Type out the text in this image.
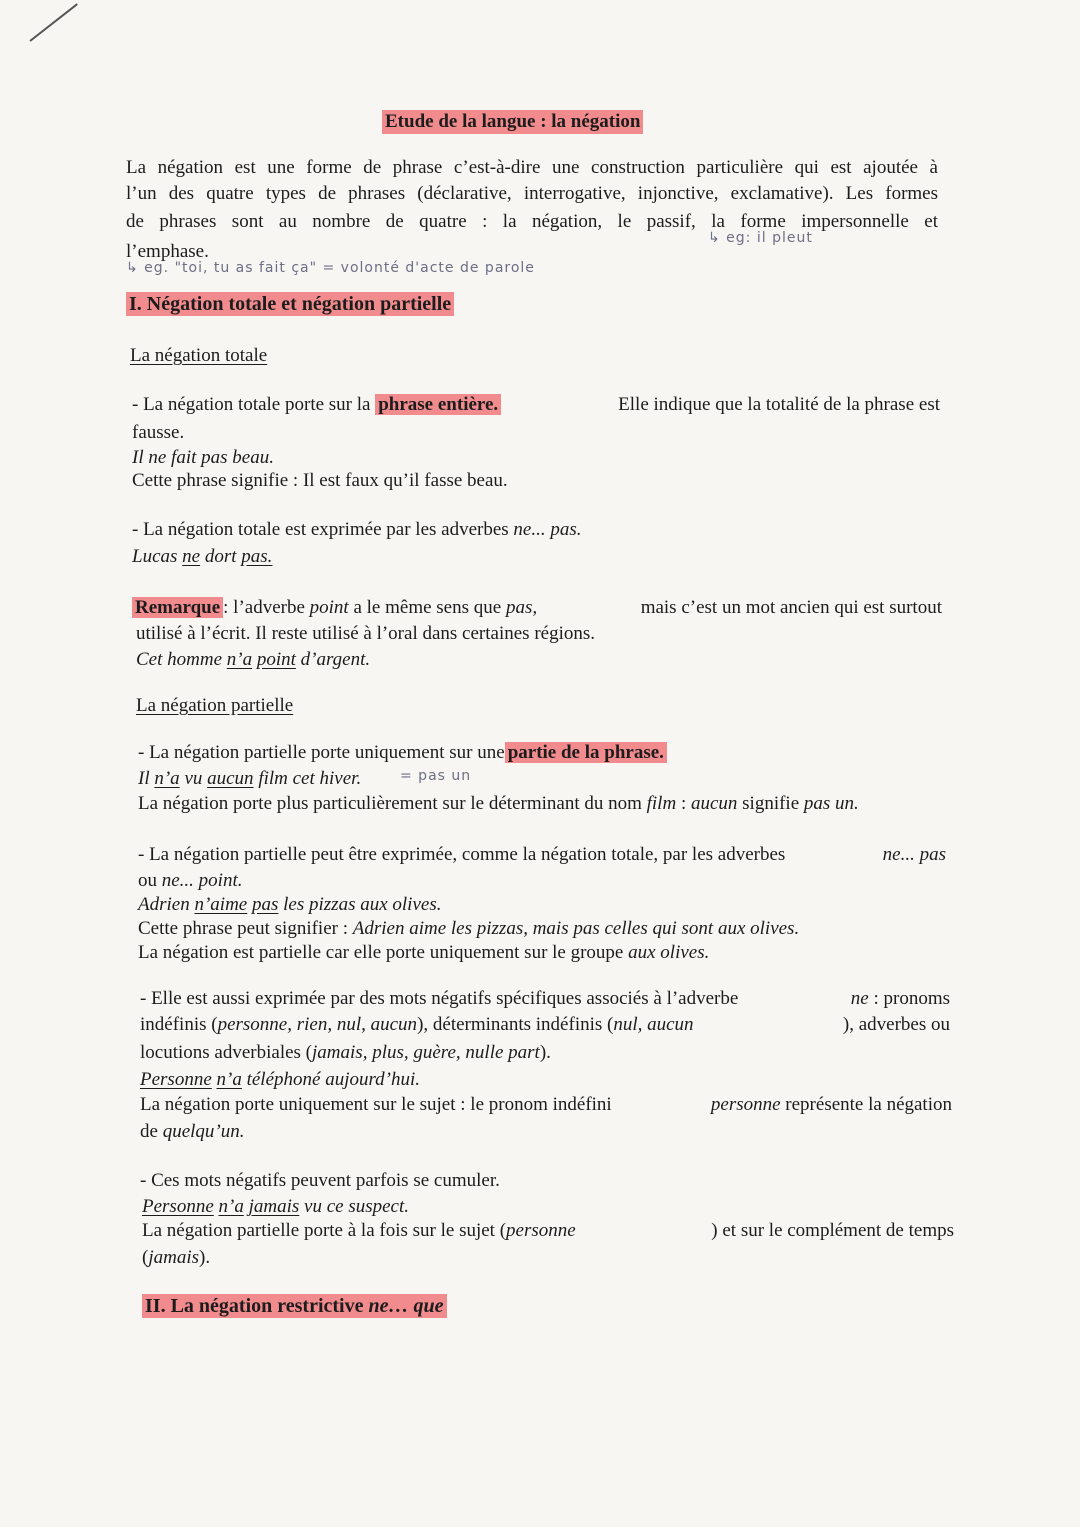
Etude de la langue : la négation
La négation est une forme de phrase c’est-à-dire une construction particulière qui est ajoutée à
l’un des quatre types de phrases (déclarative, interrogative, injonctive, exclamative). Les formes
de phrases sont au nombre de quatre : la négation, le passif, la forme impersonnelle et
↳ eg: il pleut
l’emphase.
↳ eg. "toi, tu as fait ça" = volonté d'acte de parole
I. Négation totale et négation partielle
La négation totale
- La négation totale porte sur la phrase entière.	Elle indique que la totalité de la phrase est
fausse.
Il ne fait pas beau.
Cette phrase signifie : Il est faux qu’il fasse beau.
- La négation totale est exprimée par les adverbes ne... pas.
Lucas ne dort pas.
Remarque : l’adverbe point a le même sens que pas,	mais c’est un mot ancien qui est surtout
utilisé à l’écrit. Il reste utilisé à l’oral dans certaines régions.
Cet homme n’a point d’argent.
La négation partielle
- La négation partielle porte uniquement sur une partie de la phrase.
Il n’a vu aucun film cet hiver.	= pas un
La négation porte plus particulièrement sur le déterminant du nom film : aucun signifie pas un.
- La négation partielle peut être exprimée, comme la négation totale, par les adverbes	ne... pas
ou ne... point.
Adrien n’aime pas les pizzas aux olives.
Cette phrase peut signifier : Adrien aime les pizzas, mais pas celles qui sont aux olives.
La négation est partielle car elle porte uniquement sur le groupe aux olives.
- Elle est aussi exprimée par des mots négatifs spécifiques associés à l’adverbe	ne : pronoms
indéfinis (personne, rien, nul, aucun), déterminants indéfinis (nul, aucun	), adverbes ou
locutions adverbiales (jamais, plus, guère, nulle part).
Personne n’a téléphoné aujourd’hui.
La négation porte uniquement sur le sujet : le pronom indéfini	personne représente la négation
de quelqu’un.
- Ces mots négatifs peuvent parfois se cumuler.
Personne n’a jamais vu ce suspect.
La négation partielle porte à la fois sur le sujet (personne	) et sur le complément de temps
(jamais).
II. La négation restrictive ne… que
